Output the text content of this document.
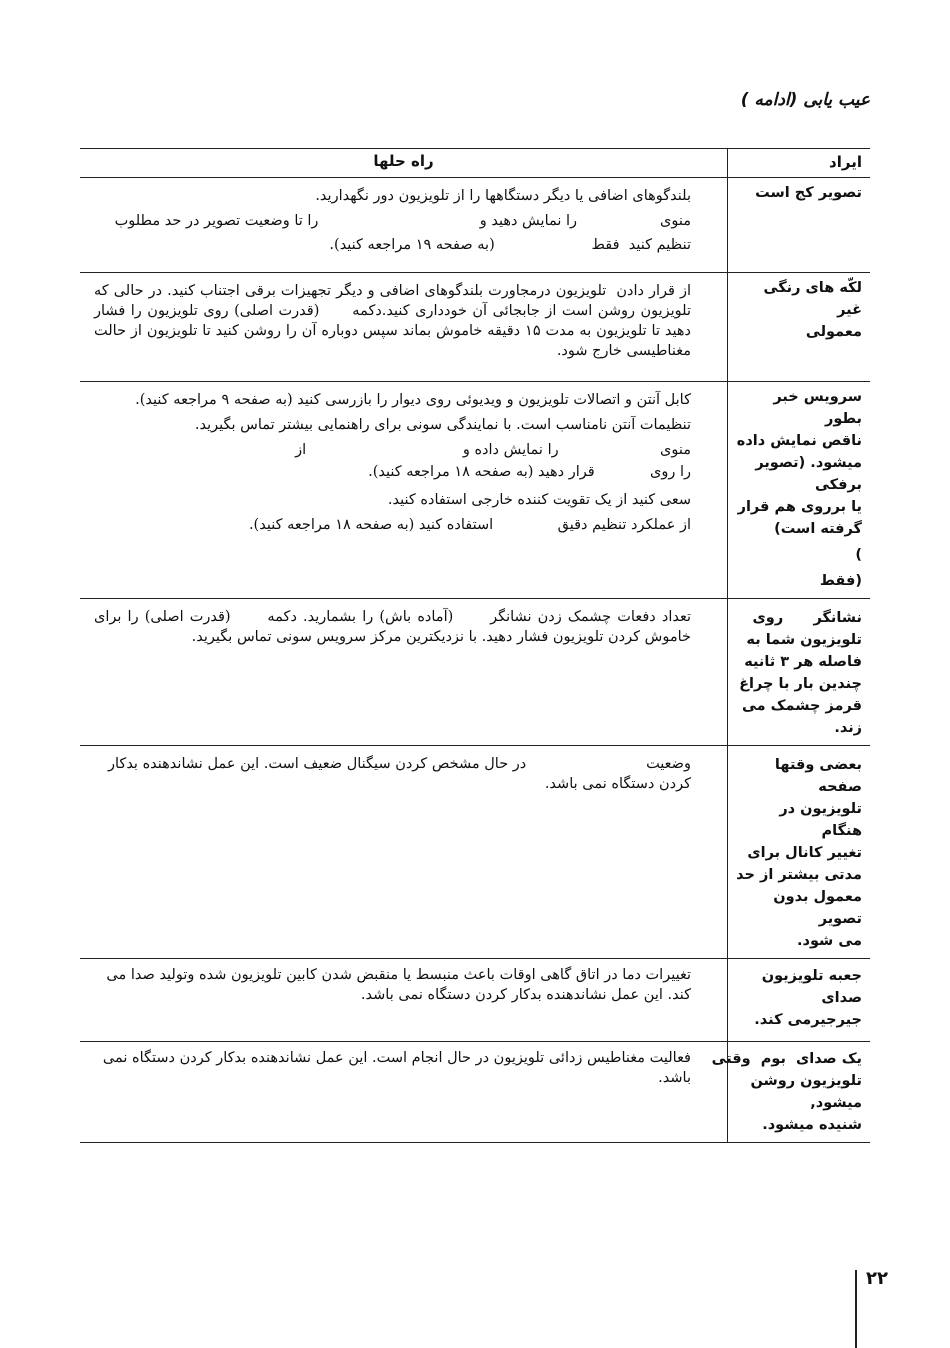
عیب یابی (ادامه )
ایراد
راه حلها
تصویر کج است

بلندگوهای اضافی یا دیگر دستگاهها را از تلویزیون دور نگهدارید.

منوی                  را نمایش دهید و                                   را تا وضعیت تصویر در حد مطلوب

تنظیم کنید  فقط                     (به صفحه ۱۹ مراجعه کنید).

لکّه های رنگی غیر
معمولی

از قرار دادن  تلویزیون درمجاورت بلندگوهای اضافی و دیگر تجهیزات برقی اجتناب کنید. در حالی که تلویزیون روشن است از جابجائی آن خودداری کنید.دکمه      (قدرت اصلی) روی تلویزیون را فشار دهید تا تلویزیون به مدت ۱۵ دقیقه خاموش بماند سپس دوباره آن را روشن کنید تا تلویزیون از حالت مغناطیسی خارج شود.

سرویس خبر بطور
ناقص نمایش داده
میشود. (تصویر برفکی
یا برروی هم قرار
گرفته است)
)
(فقط

کابل آنتن و اتصالات تلویزیون و ویدیوئی روی دیوار را بازرسی کنید (به صفحه ۹ مراجعه کنید).

تنظیمات آنتن نامناسب است. با نمایندگی سونی برای راهنمایی بیشتر تماس بگیرید.

منوی                      را نمایش داده و                                  از

را روی            قرار دهید (به صفحه ۱۸ مراجعه کنید).

سعی کنید از یک تقویت کننده خارجی استفاده کنید.

از عملکرد تنظیم دقیق              استفاده کنید (به صفحه ۱۸ مراجعه کنید).

نشانگر      روی
تلویزیون شما به
فاصله هر ۳ ثانیه
چندین بار با چراغ
قرمز چشمک می زند.

تعداد دفعات چشمک زدن نشانگر      (آماده باش) را بشمارید. دکمه      (قدرت اصلی) را برای خاموش کردن تلویزیون فشار دهید. با نزدیکترین مرکز سرویس سونی تماس بگیرید.

بعضی وقتها صفحه
تلویزیون در هنگام
تغییر کانال برای
مدتی بیشتر از حد
معمول بدون تصویر
می شود.

وضعیت                          در حال مشخص کردن سیگنال ضعیف است. این عمل نشاندهنده بدکار کردن دستگاه نمی باشد.

جعبه تلویزیون صدای
جیرجیرمی کند.

تغییرات دما در اتاق گاهی اوقات باعث منبسط یا منقبض شدن کابین تلویزیون شده وتولید صدا می کند. این عمل نشاندهنده بدکار کردن دستگاه نمی باشد.

یک صدای  بوم  وقتی
تلویزیون روشن میشود,
شنیده میشود.

فعالیت مغناطیس زدائی تلویزیون در حال انجام است. این عمل نشاندهنده بدکار کردن دستگاه نمی باشد.

۲۲
